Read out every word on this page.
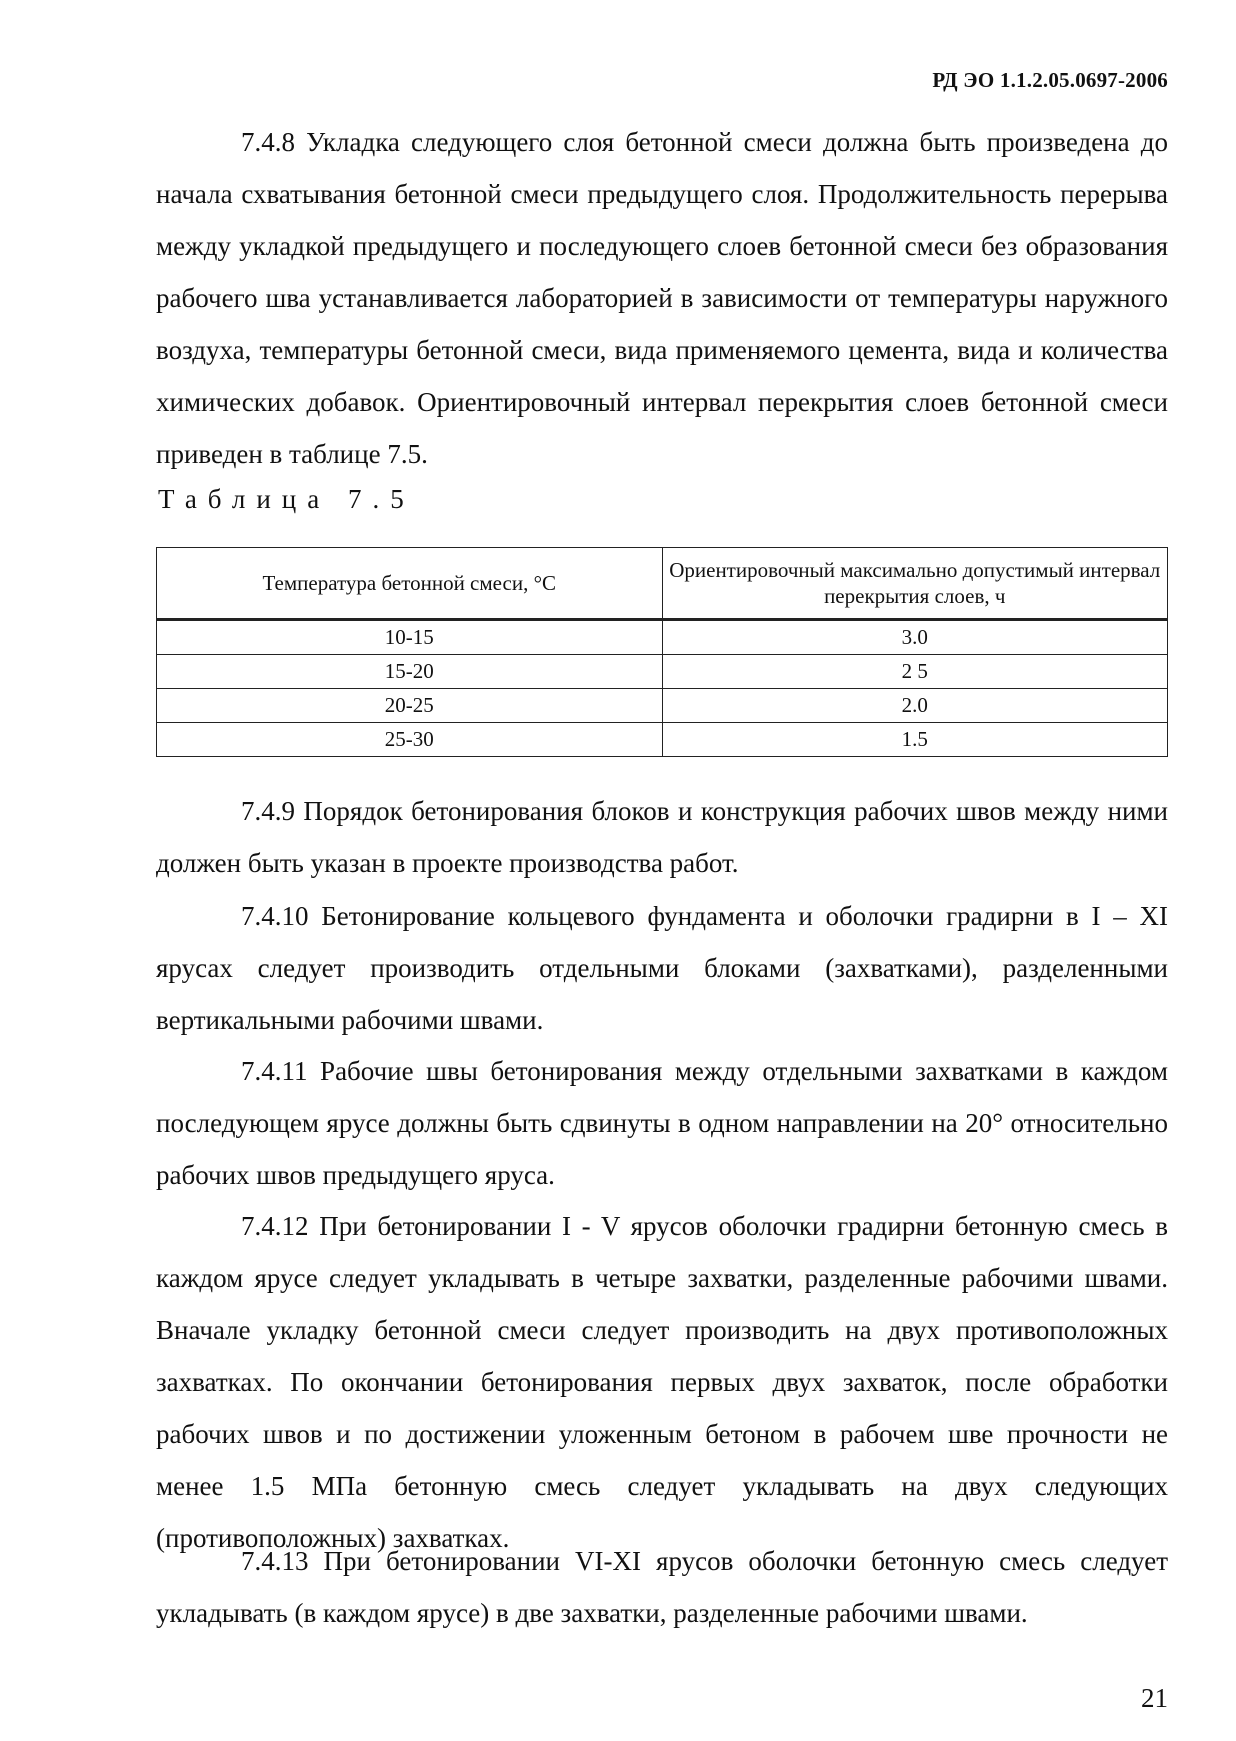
РД ЭО 1.1.2.05.0697-2006

7.4.8 Укладка следующего слоя бетонной смеси должна быть произведена до начала схватывания бетонной смеси предыдущего слоя. Продолжительность перерыва между укладкой предыдущего и последующего слоев бетонной смеси без образования рабочего шва устанавливается лабораторией в зависимости от температуры наружного воздуха, температуры бетонной смеси, вида применяемого цемента, вида и количества химических добавок. Ориентировочный интервал перекрытия слоев бетонной смеси приведен в таблице 7.5.

Таблица 7.5
Температура бетонной смеси, °С	Ориентировочный максимально допустимый интервал перекрытия слоев, ч
10-15	3.0
15-20	2 5
20-25	2.0
25-30	1.5

7.4.9 Порядок бетонирования блоков и конструкция рабочих швов между ними должен быть указан в проекте производства работ.

7.4.10 Бетонирование кольцевого фундамента и оболочки градирни в I – XI ярусах следует производить отдельными блоками (захватками), разделенными вертикальными рабочими швами.

7.4.11 Рабочие швы бетонирования между отдельными захватками в каждом последующем ярусе должны быть сдвинуты в одном направлении на 20° относительно рабочих швов предыдущего яруса.

7.4.12 При бетонировании I - V ярусов оболочки градирни бетонную смесь в каждом ярусе следует укладывать в четыре захватки, разделенные рабочими швами. Вначале укладку бетонной смеси следует производить на двух противоположных захватках. По окончании бетонирования первых двух захваток, после обработки рабочих швов и по достижении уложенным бетоном в рабочем шве прочности не менее 1.5 МПа бетонную смесь следует укладывать на двух следующих (противоположных) захватках.

7.4.13 При бетонировании VI-XI ярусов оболочки бетонную смесь следует укладывать (в каждом ярусе) в две захватки, разделенные рабочими швами.

21
